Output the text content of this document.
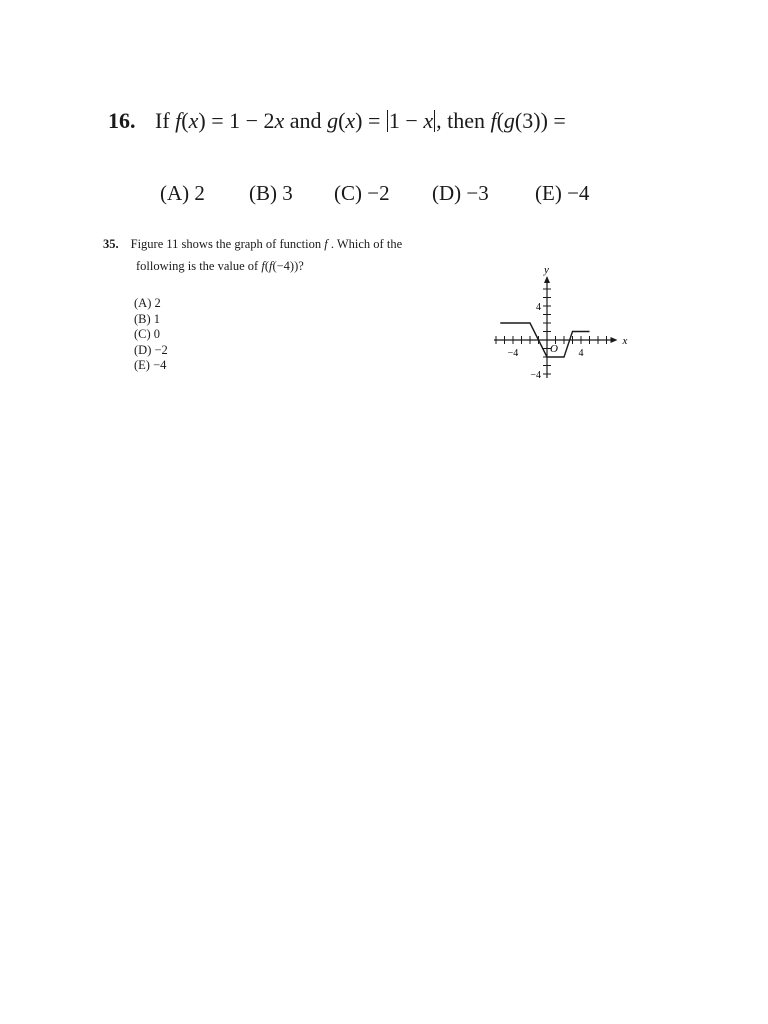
16. If f(x) = 1 − 2x and g(x) = 1 − x , then f(g(3)) =
(A) 2 (B) 3 (C) −2 (D) −3 (E) −4
35. Figure 11 shows the graph of function f . Which of the
following is the value of f(f(−4))?
(A) 2
(B) 1
(C) 0
(D) −2
(E) −4
x
y
O
−4	4
4
−4
